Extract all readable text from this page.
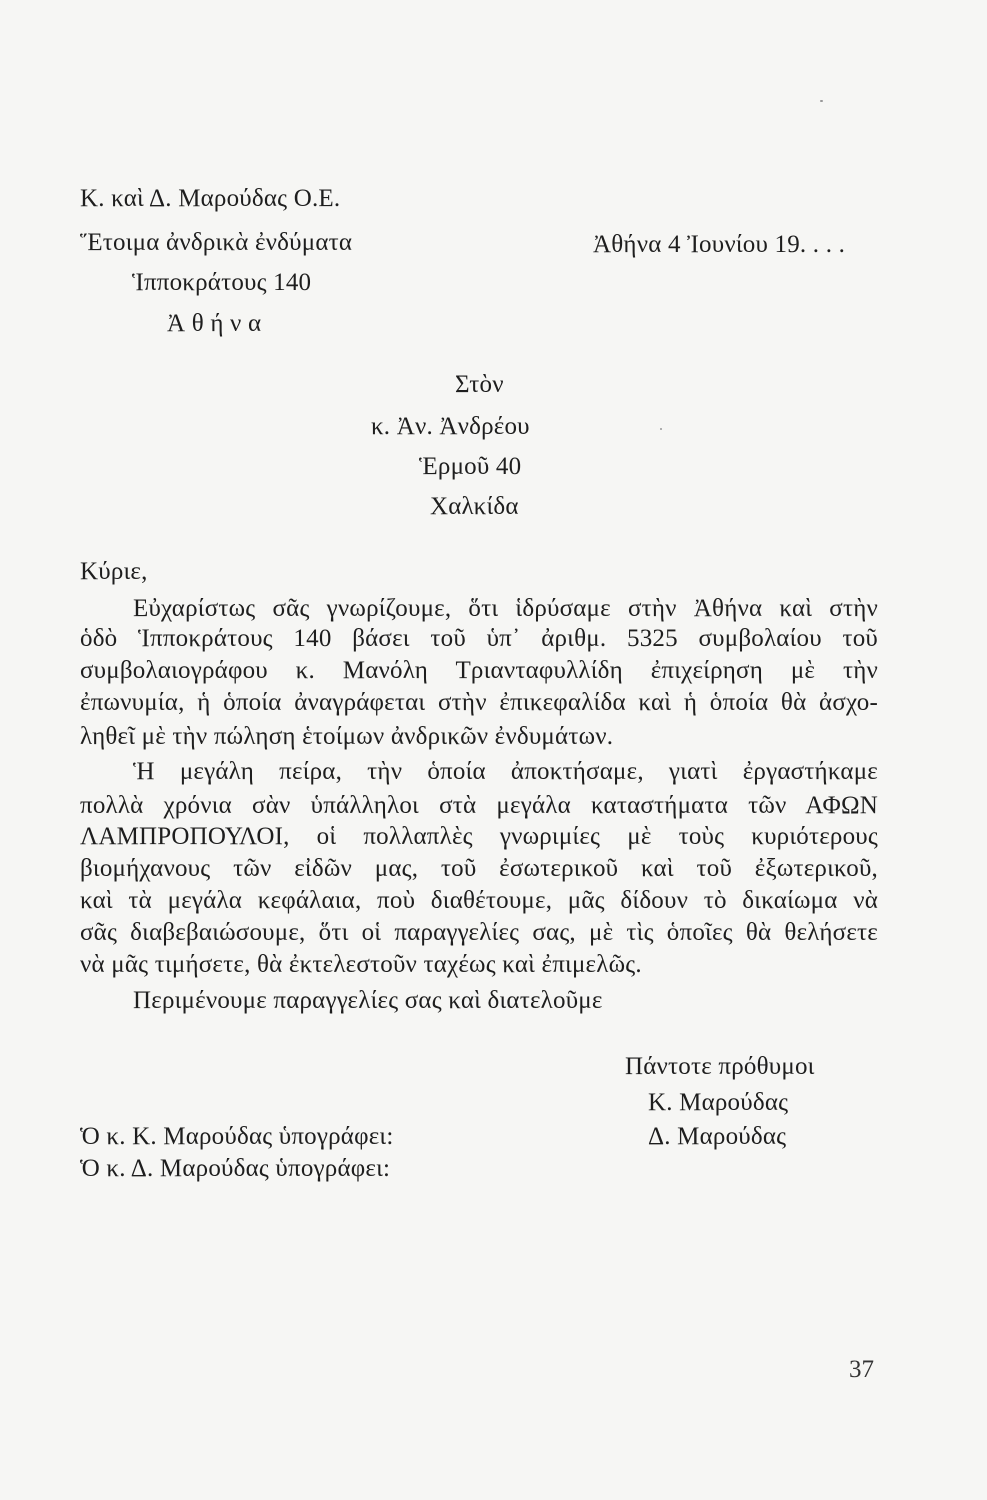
Κ. καὶ Δ. Μαρούδας Ο.Ε.
Ἕτοιμα ἀνδρικὰ ἐνδύματα
Ἱπποκράτους 140
Ἀ θ ή ν α
Ἀθήνα 4 Ἰουνίου 19. . . .
Στὸν
κ. Ἀν. Ἀνδρέου
Ἑρμοῦ 40
Χαλκίδα
Κύριε,
Εὐχαρίστως σᾶς γνωρίζουμε, ὅτι ἱδρύσαμε στὴν Ἀθήνα καὶ στὴν
ὁδὸ Ἱπποκράτους 140 βάσει τοῦ ὑπ᾿ ἀριθμ. 5325 συμβολαίου τοῦ
συμβολαιογράφου κ. Μανόλη Τριανταφυλλίδη ἐπιχείρηση μὲ τὴν
ἐπωνυμία, ἡ ὁποία ἀναγράφεται στὴν ἐπικεφαλίδα καὶ ἡ ὁποία θὰ ἀσχο-
ληθεῖ μὲ τὴν πώληση ἑτοίμων ἀνδρικῶν ἐνδυμάτων.
Ἡ μεγάλη πείρα, τὴν ὁποία ἀποκτήσαμε, γιατὶ ἐργαστήκαμε
πολλὰ χρόνια σὰν ὑπάλληλοι στὰ μεγάλα καταστήματα τῶν ΑΦΩΝ
ΛΑΜΠΡΟΠΟΥΛΟΙ, οἱ πολλαπλὲς γνωριμίες μὲ τοὺς κυριότερους
βιομήχανους τῶν εἰδῶν μας, τοῦ ἐσωτερικοῦ καὶ τοῦ ἐξωτερικοῦ,
καὶ τὰ μεγάλα κεφάλαια, ποὺ διαθέτουμε, μᾶς δίδουν τὸ δικαίωμα νὰ
σᾶς διαβεβαιώσουμε, ὅτι οἱ παραγγελίες σας, μὲ τὶς ὁποῖες θὰ θελήσετε
νὰ μᾶς τιμήσετε, θὰ ἐκτελεστοῦν ταχέως καὶ ἐπιμελῶς.
Περιμένουμε παραγγελίες σας καὶ διατελοῦμε
Πάντοτε πρόθυμοι
Κ. Μαρούδας
Δ. Μαρούδας
Ὁ κ. Κ. Μαρούδας ὑπογράφει:
Ὁ κ. Δ. Μαρούδας ὑπογράφει:
37
